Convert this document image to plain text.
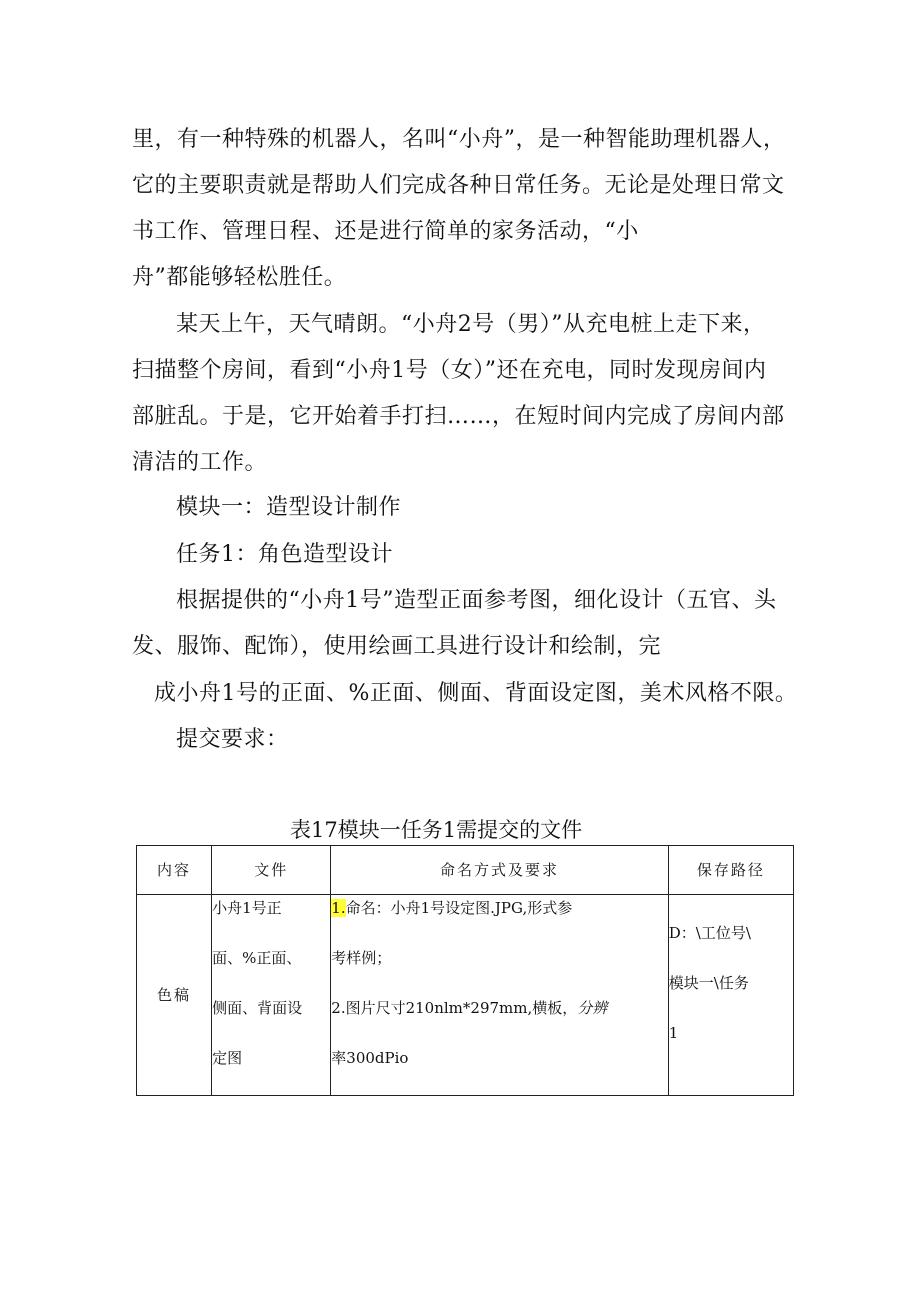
里，有一种特殊的机器人，名叫“小舟”，是一种智能助理机器人，
它的主要职责就是帮助人们完成各种日常任务。无论是处理日常文
书工作、管理日程、还是进行简单的家务活动，“小
舟”都能够轻松胜任。
某天上午，天气晴朗。“小舟2号（男）”从充电桩上走下来，
扫描整个房间，看到“小舟1号（女）”还在充电，同时发现房间内
部脏乱。于是，它开始着手打扫……，在短时间内完成了房间内部
清洁的工作。
模块一：造型设计制作
任务1：角色造型设计
根据提供的“小舟1号”造型正面参考图，细化设计（五官、头
发、服饰、配饰），使用绘画工具进行设计和绘制，完
成小舟1号的正面、%正面、侧面、背面设定图，美术风格不限。
提交要求：
表17模块一任务1需提交的文件
内容	文件	命名方式及要求	保存路径
色稿	小舟1号正
面、%正面、
侧面、背面设
定图	1.命名：小舟1号设定图.JPG,形式参
考样例；
2.图片尺寸210nlm*297mm,横板，分辨
率300dPio	D：\工位号\
模块一\任务
1
